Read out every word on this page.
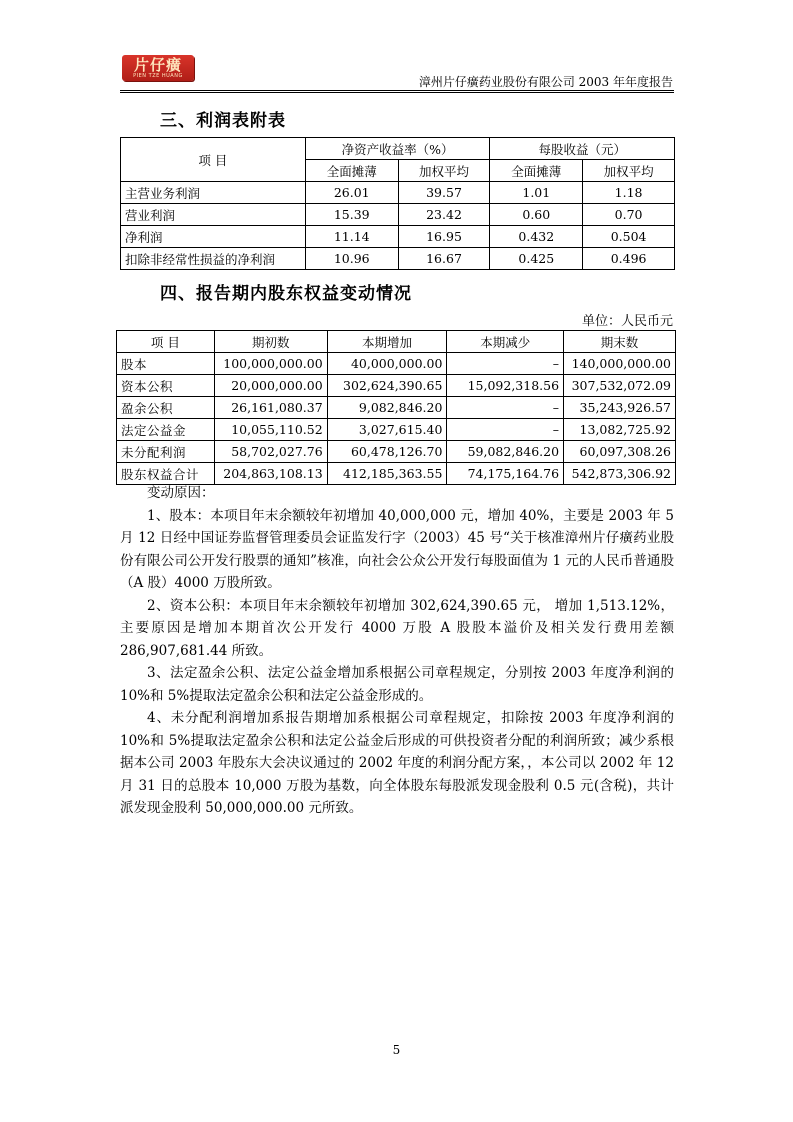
片仔癀
PIEN TZE HUANG	漳州片仔癀药业股份有限公司 2003 年年度报告
三、利润表附表
项 目	净资产收益率（%）		每股收益（元）	
	全面摊薄	加权平均	全面摊薄	加权平均
主营业务利润	26.01	39.57	1.01	1.18
营业利润	15.39	23.42	0.60	0.70
净利润	11.14	16.95	0.432	0.504
扣除非经常性损益的净利润	10.96	16.67	0.425	0.496
四、报告期内股东权益变动情况
单位：人民币元
项 目	期初数	本期增加	本期减少	期末数
股本	100,000,000.00	40,000,000.00	–	140,000,000.00
资本公积	20,000,000.00	302,624,390.65	15,092,318.56	307,532,072.09
盈余公积	26,161,080.37	9,082,846.20	–	35,243,926.57
法定公益金	10,055,110.52	3,027,615.40	–	13,082,725.92
未分配利润	58,702,027.76	60,478,126.70	59,082,846.20	60,097,308.26
股东权益合计	204,863,108.13	412,185,363.55	74,175,164.76	542,873,306.92

变动原因：

1、股本：本项目年末余额较年初增加 40,000,000 元，增加 40%，主要是 2003 年 5 月 12 日经中国证券监督管理委员会证监发行字（2003）45 号“关于核准漳州片仔癀药业股份有限公司公开发行股票的通知”核准，向社会公众公开发行每股面值为 1 元的人民币普通股（A 股）4000 万股所致。

2、资本公积：本项目年末余额较年初增加 302,624,390.65 元， 增加 1,513.12%，主要原因是增加本期首次公开发行 4000 万股 A 股股本溢价及相关发行费用差额 286,907,681.44 所致。

3、法定盈余公积、法定公益金增加系根据公司章程规定，分别按 2003 年度净利润的 10%和 5%提取法定盈余公积和法定公益金形成的。

4、未分配利润增加系报告期增加系根据公司章程规定，扣除按 2003 年度净利润的 10%和 5%提取法定盈余公积和法定公益金后形成的可供投资者分配的利润所致；减少系根据本公司 2003 年股东大会决议通过的 2002 年度的利润分配方案，，本公司以 2002 年 12 月 31 日的总股本 10,000 万股为基数，向全体股东每股派发现金股利 0.5 元(含税)，共计派发现金股利 50,000,000.00 元所致。

5
